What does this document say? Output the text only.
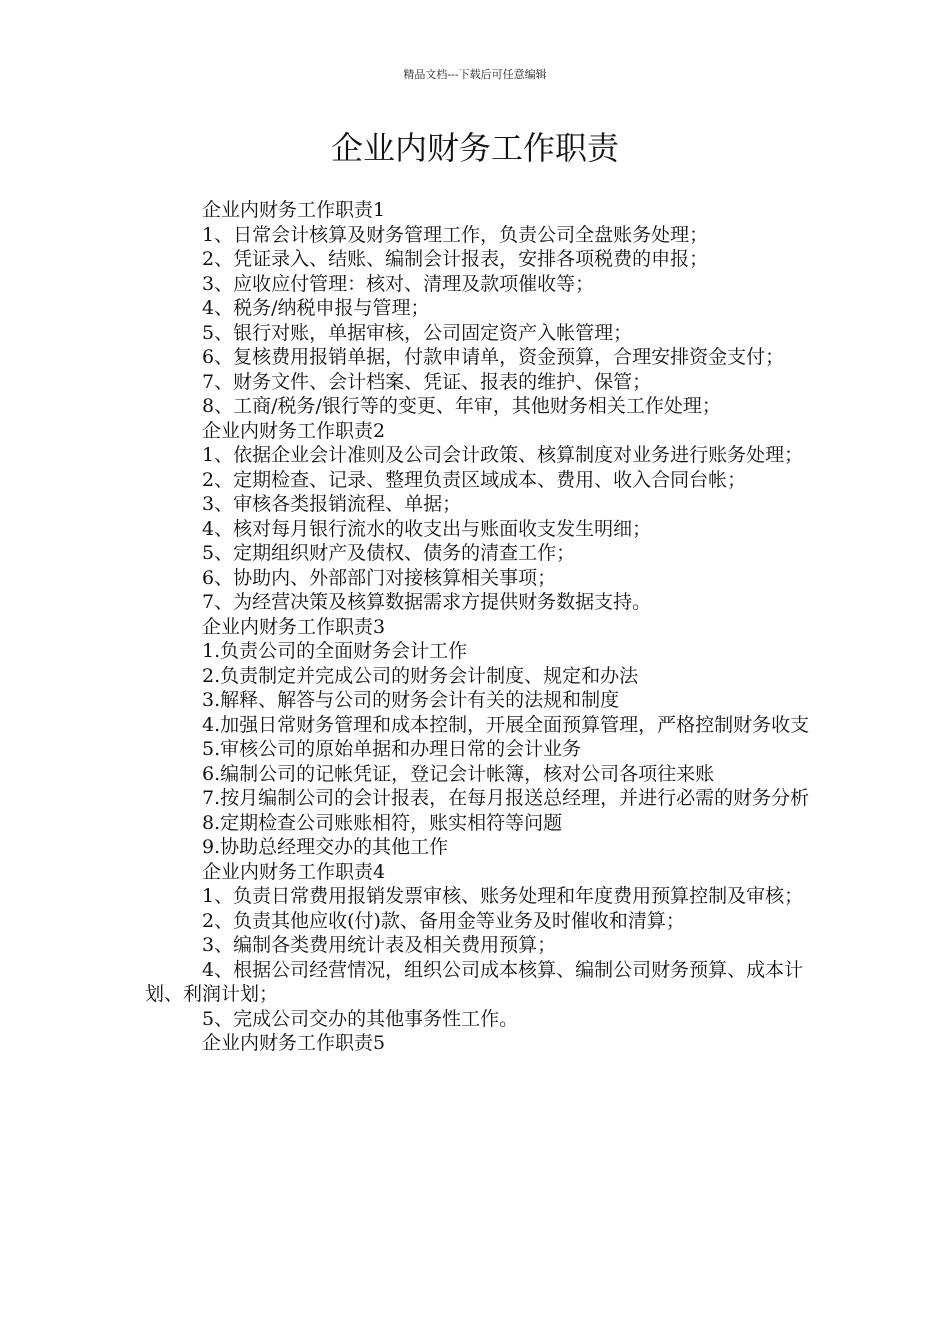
精品文档---下载后可任意编辑
企业内财务工作职责

企业内财务工作职责1

1、日常会计核算及财务管理工作，负责公司全盘账务处理；

2、凭证录入、结账、编制会计报表，安排各项税费的申报；

3、应收应付管理：核对、清理及款项催收等；

4、税务/纳税申报与管理；

5、银行对账，单据审核，公司固定资产入帐管理；

6、复核费用报销单据，付款申请单，资金预算，合理安排资金支付；

7、财务文件、会计档案、凭证、报表的维护、保管；

8、工商/税务/银行等的变更、年审，其他财务相关工作处理；

企业内财务工作职责2

1、依据企业会计准则及公司会计政策、核算制度对业务进行账务处理；

2、定期检查、记录、整理负责区域成本、费用、收入合同台帐；

3、审核各类报销流程、单据；

4、核对每月银行流水的收支出与账面收支发生明细；

5、定期组织财产及债权、债务的清查工作；

6、协助内、外部部门对接核算相关事项；

7、为经营决策及核算数据需求方提供财务数据支持。

企业内财务工作职责3

1.负责公司的全面财务会计工作

2.负责制定并完成公司的财务会计制度、规定和办法

3.解释、解答与公司的财务会计有关的法规和制度

4.加强日常财务管理和成本控制，开展全面预算管理，严格控制财务收支

5.审核公司的原始单据和办理日常的会计业务

6.编制公司的记帐凭证，登记会计帐簿，核对公司各项往来账

7.按月编制公司的会计报表，在每月报送总经理，并进行必需的财务分析

8.定期检查公司账账相符，账实相符等问题

9.协助总经理交办的其他工作

企业内财务工作职责4

1、负责日常费用报销发票审核、账务处理和年度费用预算控制及审核；

2、负责其他应收(付)款、备用金等业务及时催收和清算；

3、编制各类费用统计表及相关费用预算；

4、根据公司经营情况，组织公司成本核算、编制公司财务预算、成本计划、利润计划；

5、完成公司交办的其他事务性工作。

企业内财务工作职责5
